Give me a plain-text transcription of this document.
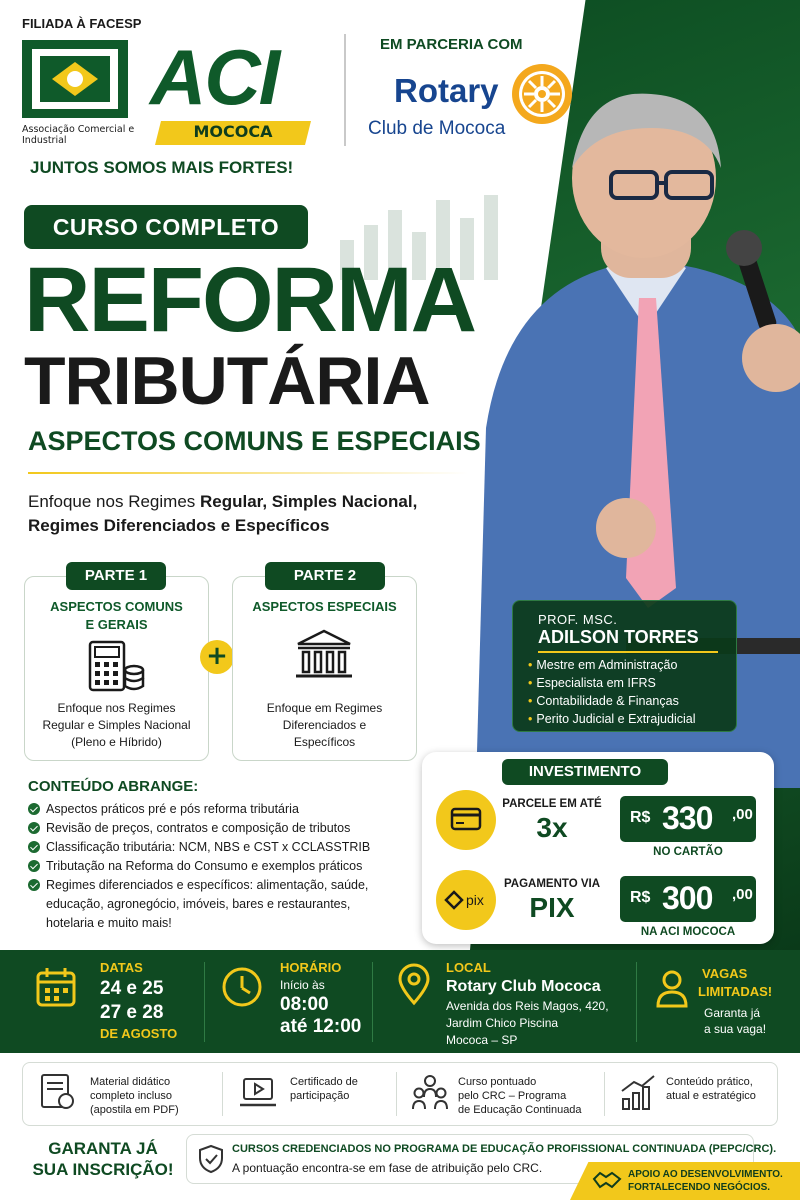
FILIADA À FACESP
ACI
MOCOCA
Associação Comercial e Industrial
JUNTOS SOMOS MAIS FORTES!
EM PARCERIA COM
Rotary
Club de Mococa
CURSO COMPLETO
REFORMA
TRIBUTÁRIA
ASPECTOS COMUNS E ESPECIAIS
Enfoque nos Regimes Regular, Simples Nacional,
Regimes Diferenciados e Específicos
PARTE 1
ASPECTOS COMUNS
E GERAIS
Enfoque nos Regimes
Regular e Simples Nacional
(Pleno e Híbrido)
+
PARTE 2
ASPECTOS ESPECIAIS
Enfoque em Regimes
Diferenciados e
Específicos
PROF. MSC.
ADILSON TORRES
• Mestre em Administração
• Especialista em IFRS
• Contabilidade & Finanças
• Perito Judicial e Extrajudicial
CONTEÚDO ABRANGE:
Aspectos práticos pré e pós reforma tributária
Revisão de preços, contratos e composição de tributos
Classificação tributária: NCM, NBS e CST x CCLASSTRIB
Tributação na Reforma do Consumo e exemplos práticos
Regimes diferenciados e específicos: alimentação, saúde, educação, agronegócio, imóveis, bares e restaurantes, hotelaria e muito mais!
INVESTIMENTO
PARCELE EM ATÉ
3x	R$ 330 ,00
NO CARTÃO
pix
PAGAMENTO VIA
PIX	R$ 300 ,00
NA ACI MOCOCA
DATAS
24 e 25
27 e 28
DE AGOSTO
HORÁRIO
Início às
08:00
até 12:00
LOCAL
Rotary Club Mococa
Avenida dos Reis Magos, 420,
Jardim Chico Piscina
Mococa – SP
VAGAS
LIMITADAS!
Garanta já
a sua vaga!
Material didático
completo incluso
(apostila em PDF)
Certificado de
participação
Curso pontuado
pelo CRC – Programa
de Educação Continuada
Conteúdo prático,
atual e estratégico
GARANTA JÁ
SUA INSCRIÇÃO!
CURSOS CREDENCIADOS NO PROGRAMA DE EDUCAÇÃO PROFISSIONAL CONTINUADA (PEPC/CRC).
A pontuação encontra-se em fase de atribuição pelo CRC.	APOIO AO DESENVOLVIMENTO.
FORTALECENDO NEGÓCIOS.
